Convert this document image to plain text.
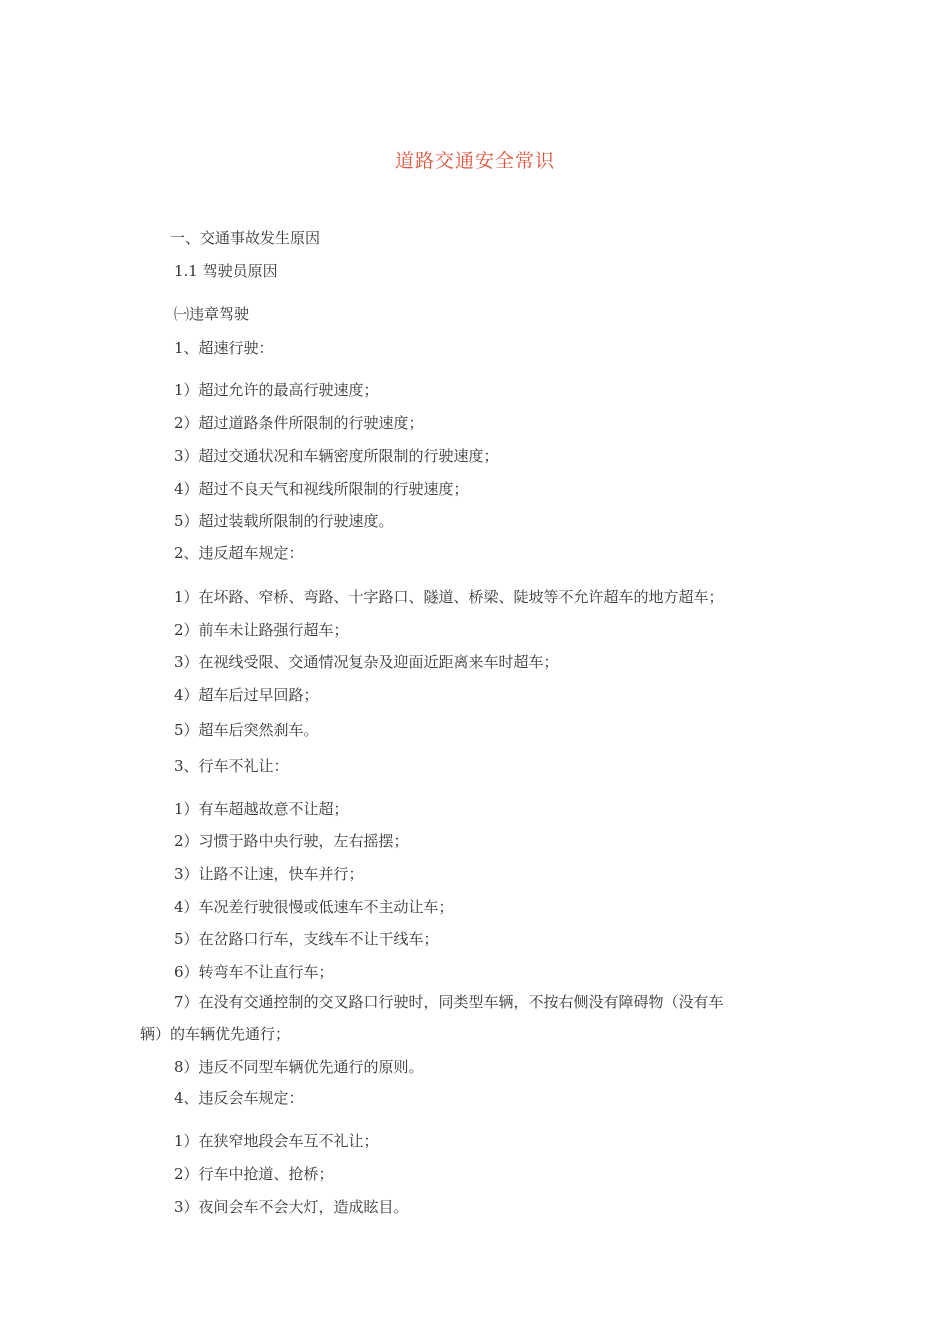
道路交通安全常识
一、交通事故发生原因
1.1 驾驶员原因
㈠违章驾驶
1、超速行驶：
1）超过允许的最高行驶速度；
2）超过道路条件所限制的行驶速度；
3）超过交通状况和车辆密度所限制的行驶速度；
4）超过不良天气和视线所限制的行驶速度；
5）超过装载所限制的行驶速度。
2、违反超车规定：
1）在坏路、窄桥、弯路、十字路口、隧道、桥梁、陡坡等不允许超车的地方超车；
2）前车未让路强行超车；
3）在视线受限、交通情况复杂及迎面近距离来车时超车；
4）超车后过早回路；
5）超车后突然刹车。
3、行车不礼让：
1）有车超越故意不让超；
2）习惯于路中央行驶，左右摇摆；
3）让路不让速，快车并行；
4）车况差行驶很慢或低速车不主动让车；
5）在岔路口行车，支线车不让干线车；
6）转弯车不让直行车；
7）在没有交通控制的交叉路口行驶时，同类型车辆，不按右侧没有障碍物（没有车
辆）的车辆优先通行；
8）违反不同型车辆优先通行的原则。
4、违反会车规定：
1）在狭窄地段会车互不礼让；
2）行车中抢道、抢桥；
3）夜间会车不会大灯，造成眩目。
